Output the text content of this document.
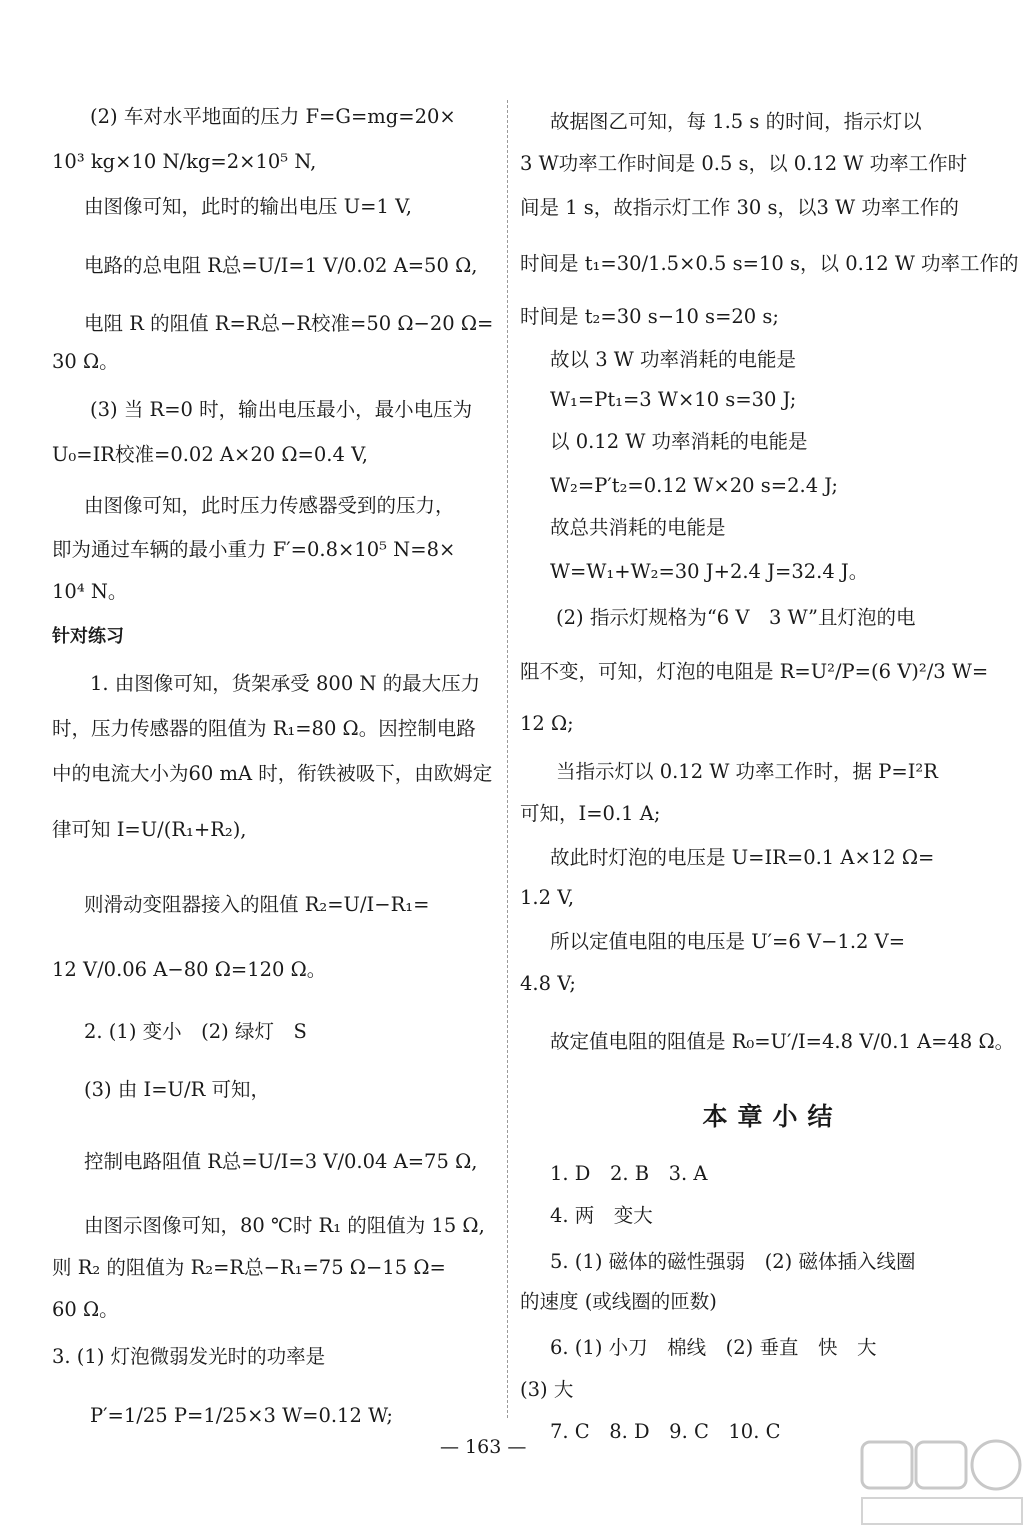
(2) 车对水平地面的压力 F=G=mg=20×
10³ kg×10 N/kg=2×10⁵ N,
由图像可知，此时的输出电压 U=1 V,
电路的总电阻 R总=U/I=1 V/0.02 A=50 Ω,
电阻 R 的阻值 R=R总−R校准=50 Ω−20 Ω=
30 Ω。
(3) 当 R=0 时，输出电压最小，最小电压为
U₀=IR校准=0.02 A×20 Ω=0.4 V,
由图像可知，此时压力传感器受到的压力，
即为通过车辆的最小重力 F′=0.8×10⁵ N=8×
10⁴ N。
针对练习
1. 由图像可知，货架承受 800 N 的最大压力
时，压力传感器的阻值为 R₁=80 Ω。因控制电路
中的电流大小为60 mA 时，衔铁被吸下，由欧姆定
律可知 I=U/(R₁+R₂),
则滑动变阻器接入的阻值 R₂=U/I−R₁=
12 V/0.06 A−80 Ω=120 Ω。
2. (1) 变小　(2) 绿灯　S
(3) 由 I=U/R 可知，
控制电路阻值 R总=U/I=3 V/0.04 A=75 Ω,
由图示图像可知，80 ℃时 R₁ 的阻值为 15 Ω,
则 R₂ 的阻值为 R₂=R总−R₁=75 Ω−15 Ω=
60 Ω。
3. (1) 灯泡微弱发光时的功率是
P′=1/25 P=1/25×3 W=0.12 W;
故据图乙可知，每 1.5 s 的时间，指示灯以
3 W功率工作时间是 0.5 s，以 0.12 W 功率工作时
间是 1 s，故指示灯工作 30 s，以3 W 功率工作的
时间是 t₁=30/1.5×0.5 s=10 s，以 0.12 W 功率工作的
时间是 t₂=30 s−10 s=20 s;
故以 3 W 功率消耗的电能是
W₁=Pt₁=3 W×10 s=30 J;
以 0.12 W 功率消耗的电能是
W₂=P′t₂=0.12 W×20 s=2.4 J;
故总共消耗的电能是
W=W₁+W₂=30 J+2.4 J=32.4 J。
(2) 指示灯规格为“6 V　3 W”且灯泡的电
阻不变，可知，灯泡的电阻是 R=U²/P=(6 V)²/3 W=
12 Ω;
当指示灯以 0.12 W 功率工作时，据 P=I²R
可知，I=0.1 A;
故此时灯泡的电压是 U=IR=0.1 A×12 Ω=
1.2 V,
所以定值电阻的电压是 U′=6 V−1.2 V=
4.8 V;
故定值电阻的阻值是 R₀=U′/I=4.8 V/0.1 A=48 Ω。
本章小结
1. D　2. B　3. A
4. 两　变大
5. (1) 磁体的磁性强弱　(2) 磁体插入线圈
的速度 (或线圈的匝数)
6. (1) 小刀　棉线　(2) 垂直　快　大
(3) 大
7. C　8. D　9. C　10. C
— 163 —
